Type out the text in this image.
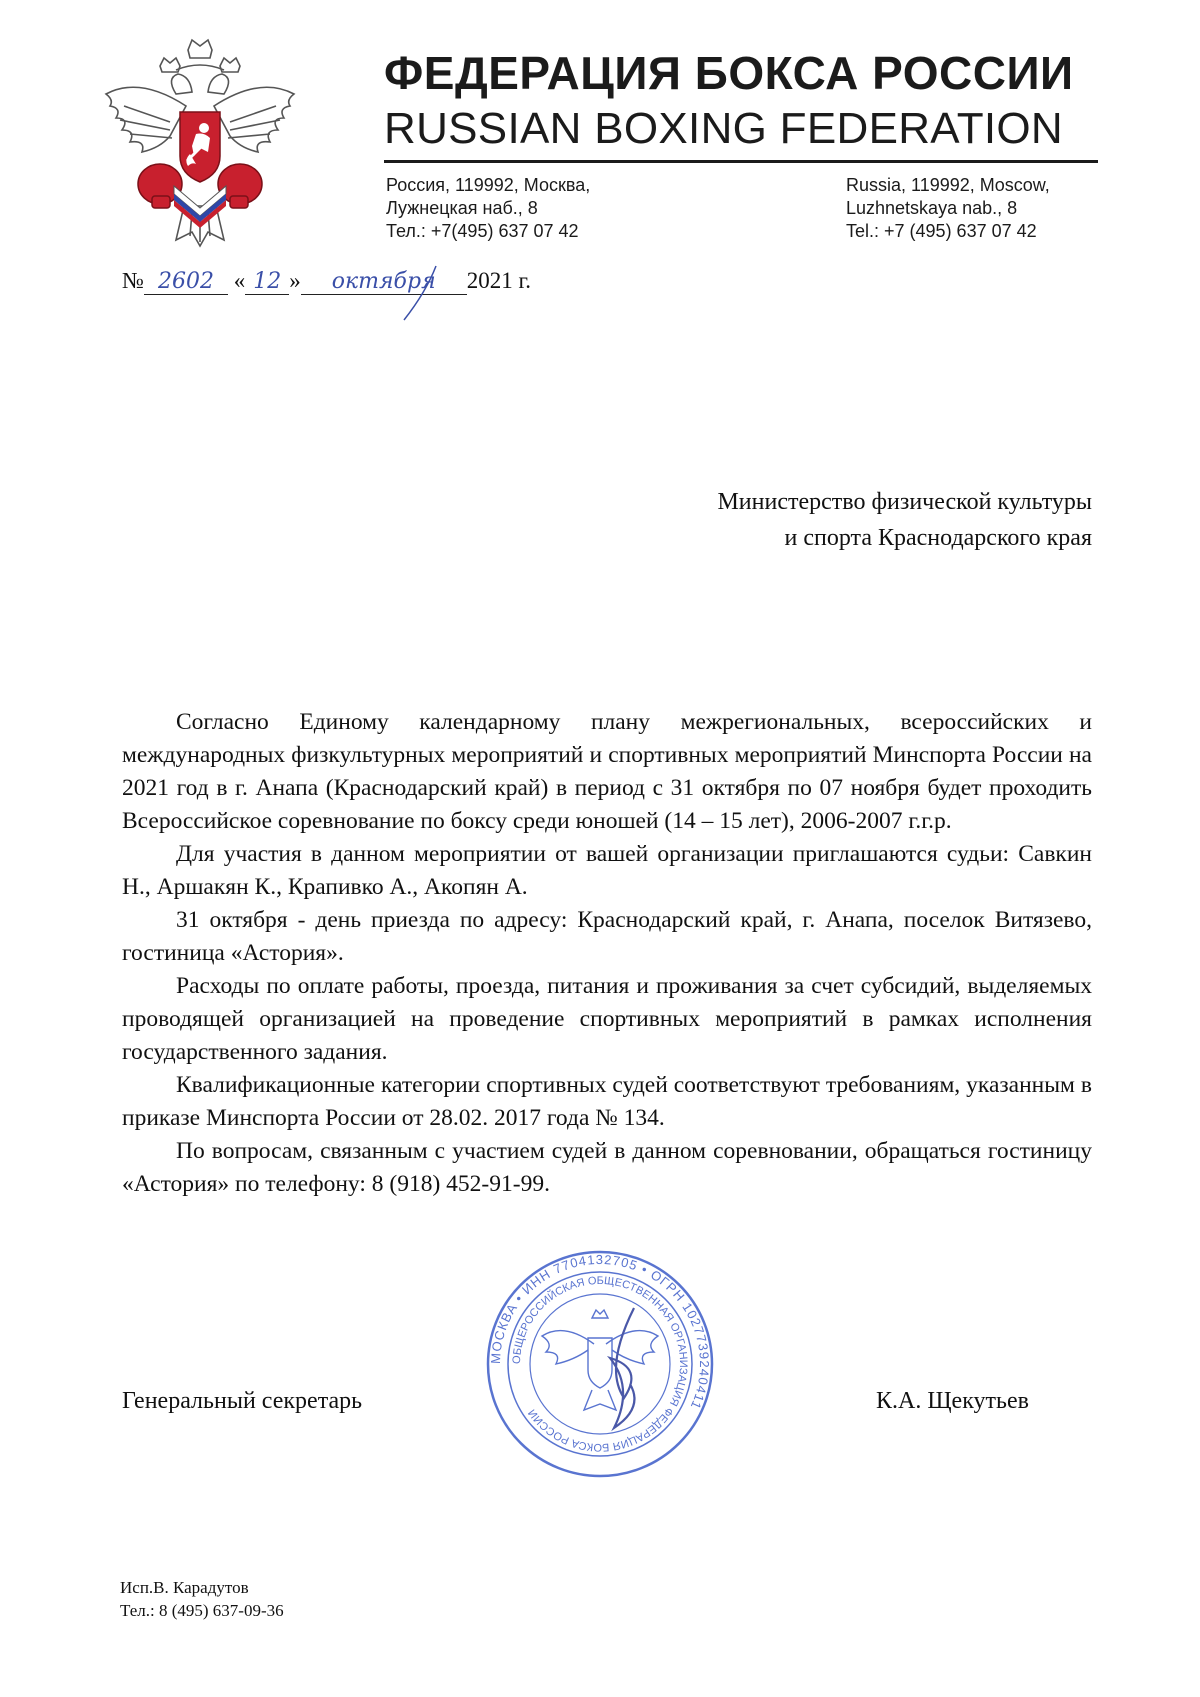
ФЕДЕРАЦИЯ БОКСА РОССИИ
RUSSIAN BOXING FEDERATION
Россия, 119992, Москва,
Лужнецкая наб., 8
Тел.: +7(495) 637 07 42
Russia, 119992, Moscow,
Luzhnetskaya nab., 8
Tel.: +7 (495) 637 07 42
№ 2602 « 12 » октября 2021 г.
Министерство физической культуры
и спорта Краснодарского края

Согласно Единому календарному плану межрегиональных, всероссийских и международных физкультурных мероприятий и спортивных мероприятий Минспорта России на 2021 год в г. Анапа (Краснодарский край) в период с 31 октября по 07 ноября будет проходить Всероссийское соревнование по боксу среди юношей (14 – 15 лет), 2006-2007 г.г.р.

Для участия в данном мероприятии от вашей организации приглашаются судьи: Савкин Н., Аршакян К., Крапивко А., Акопян А.

31 октября - день приезда по адресу: Краснодарский край, г. Анапа, поселок Витязево, гостиница «Астория».

Расходы по оплате работы, проезда, питания и проживания за счет субсидий, выделяемых проводящей организацией на проведение спортивных мероприятий в рамках исполнения государственного задания.

Квалификационные категории спортивных судей соответствуют требованиям, указанным в приказе Минспорта России от 28.02. 2017 года № 134.

По вопросам, связанным с участием судей в данном соревновании, обращаться гостиницу «Астория» по телефону: 8 (918) 452-91-99.

Генеральный секретарь	К.А. Щекутьев
МОСКВА • ИНН 7704132705 • ОГРН 1027739240411
ОБЩЕРОССИЙСКАЯ ОБЩЕСТВЕННАЯ ОРГАНИЗАЦИЯ ФЕДЕРАЦИЯ БОКСА РОССИИ
Исп.В. Карадутов
Тел.: 8 (495) 637-09-36
